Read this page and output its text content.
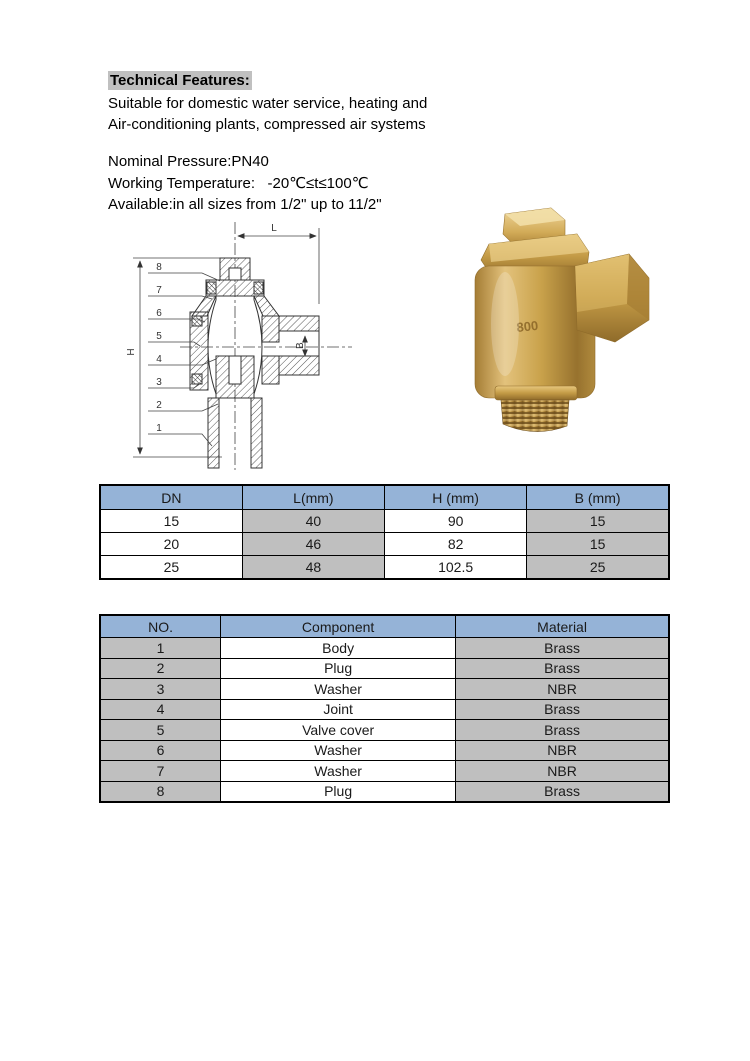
Technical Features:
Suitable for domestic water service, heating and
Air-conditioning plants, compressed air systems
Nominal Pressure:PN40
Working Temperature:   -20℃≤t≤100℃
Available:in all sizes from 1/2" up to 11/2"
L
H
B
8
7
6
5
4
3
2
1
800
DN	L(mm)	H (mm)	B (mm)
15	40	90	15
20	46	82	15
25	48	102.5	25
NO.	Component	Material
1	Body	Brass
2	Plug	Brass
3	Washer	NBR
4	Joint	Brass
5	Valve cover	Brass
6	Washer	NBR
7	Washer	NBR
8	Plug	Brass
